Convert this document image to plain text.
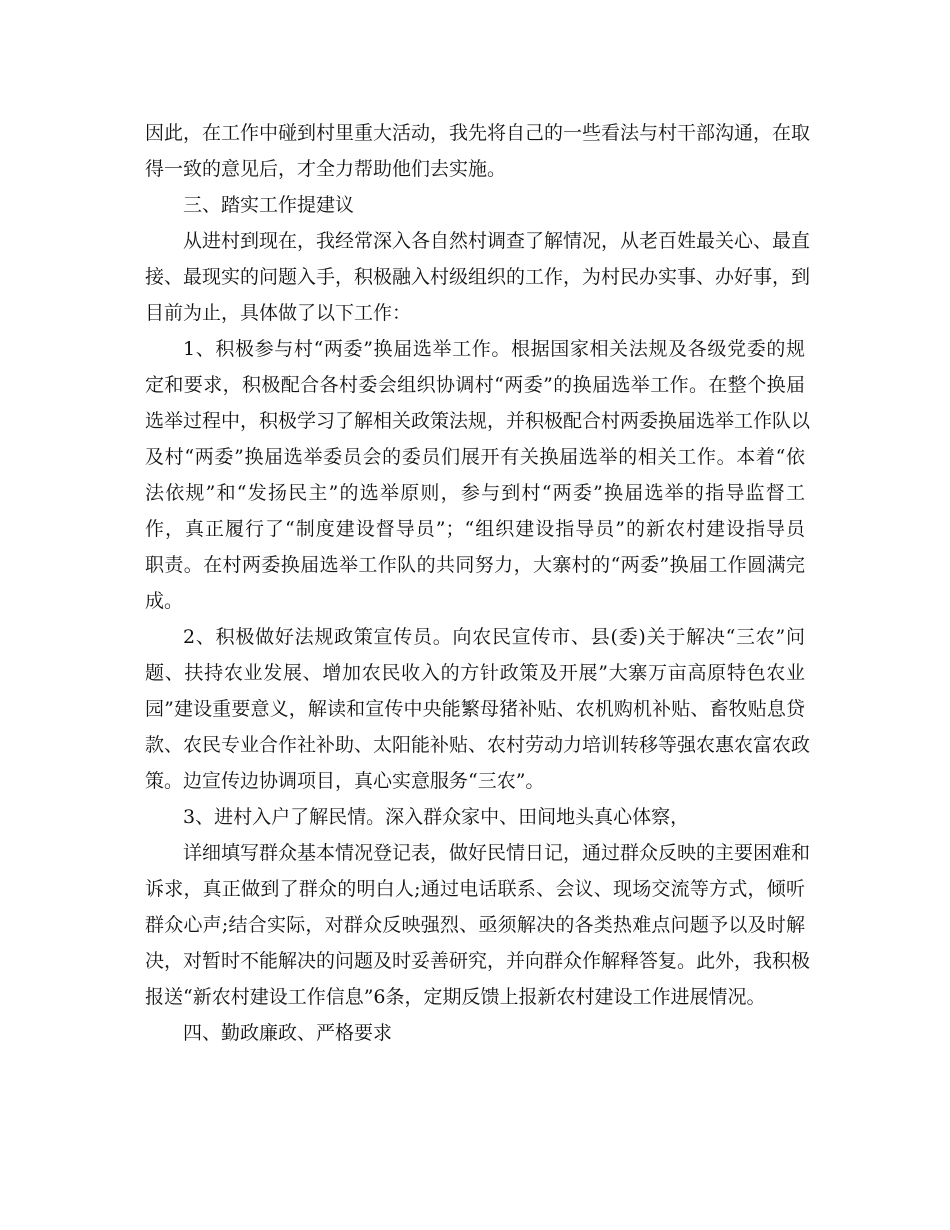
因此，在工作中碰到村里重大活动，我先将自己的一些看法与村干部沟通，在取
得一致的意见后，才全力帮助他们去实施。
三、踏实工作提建议
从进村到现在，我经常深入各自然村调查了解情况，从老百姓最关心、最直
接、最现实的问题入手，积极融入村级组织的工作，为村民办实事、办好事，到
目前为止，具体做了以下工作：
1、积极参与村“两委”换届选举工作。根据国家相关法规及各级党委的规
定和要求，积极配合各村委会组织协调村“两委”的换届选举工作。在整个换届
选举过程中，积极学习了解相关政策法规，并积极配合村两委换届选举工作队以
及村“两委”换届选举委员会的委员们展开有关换届选举的相关工作。本着“依
法依规”和“发扬民主”的选举原则，参与到村“两委”换届选举的指导监督工
作，真正履行了“制度建设督导员”；“组织建设指导员”的新农村建设指导员
职责。在村两委换届选举工作队的共同努力，大寨村的“两委”换届工作圆满完
成。
2、积极做好法规政策宣传员。向农民宣传市、县(委)关于解决“三农”问
题、扶持农业发展、增加农民收入的方针政策及开展”大寨万亩高原特色农业
园”建设重要意义，解读和宣传中央能繁母猪补贴、农机购机补贴、畜牧贴息贷
款、农民专业合作社补助、太阳能补贴、农村劳动力培训转移等强农惠农富农政
策。边宣传边协调项目，真心实意服务“三农”。
3、进村入户了解民情。深入群众家中、田间地头真心体察，
详细填写群众基本情况登记表，做好民情日记，通过群众反映的主要困难和
诉求，真正做到了群众的明白人;通过电话联系、会议、现场交流等方式，倾听
群众心声;结合实际，对群众反映强烈、亟须解决的各类热难点问题予以及时解
决，对暂时不能解决的问题及时妥善研究，并向群众作解释答复。此外，我积极
报送“新农村建设工作信息”6条，定期反馈上报新农村建设工作进展情况。
四、勤政廉政、严格要求
